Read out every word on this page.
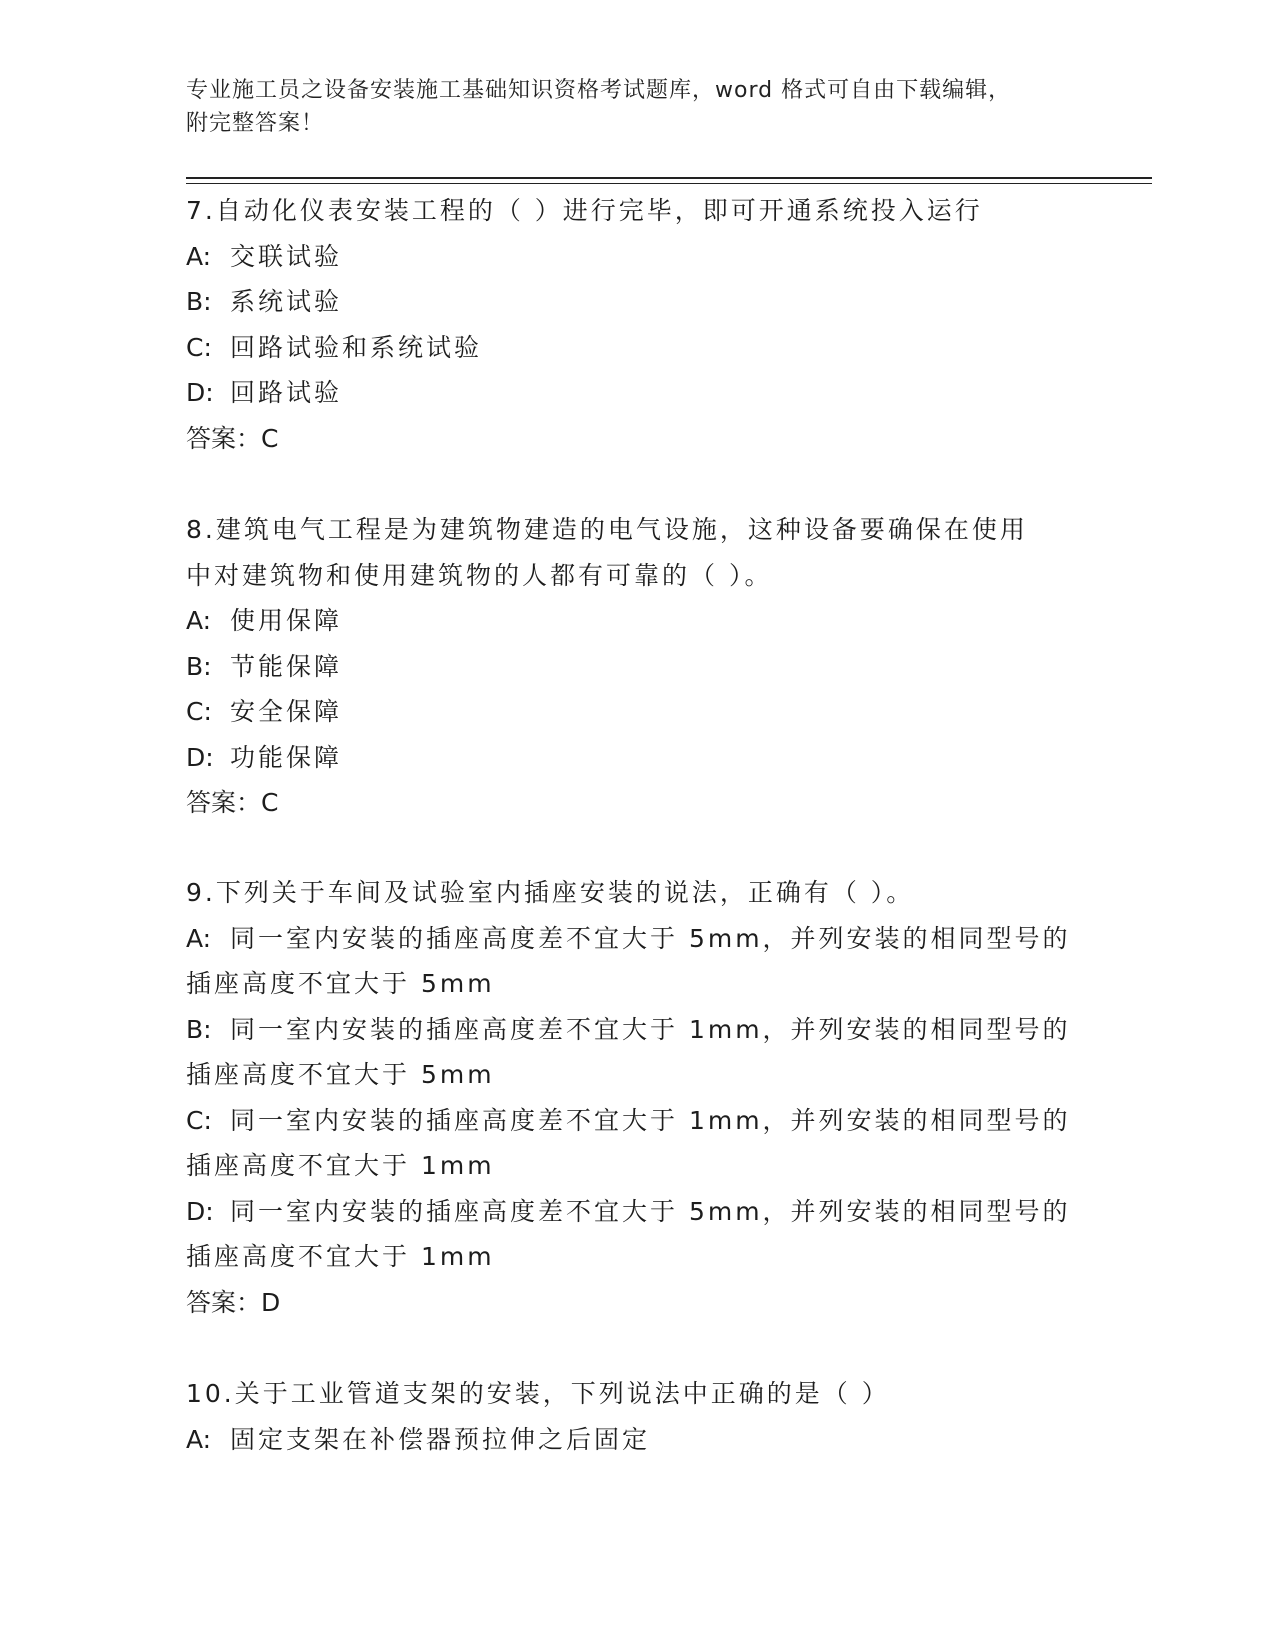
专业施工员之设备安装施工基础知识资格考试题库，word 格式可自由下载编辑，
附完整答案！
7.自动化仪表安装工程的（ ）进行完毕，即可开通系统投入运行
A: 交联试验
B: 系统试验
C: 回路试验和系统试验
D: 回路试验
答案：C
8.建筑电气工程是为建筑物建造的电气设施，这种设备要确保在使用
中对建筑物和使用建筑物的人都有可靠的（ ）。
A: 使用保障
B: 节能保障
C: 安全保障
D: 功能保障
答案：C
9.下列关于车间及试验室内插座安装的说法，正确有（ ）。
A: 同一室内安装的插座高度差不宜大于 5mm，并列安装的相同型号的
插座高度不宜大于 5mm
B: 同一室内安装的插座高度差不宜大于 1mm，并列安装的相同型号的
插座高度不宜大于 5mm
C: 同一室内安装的插座高度差不宜大于 1mm，并列安装的相同型号的
插座高度不宜大于 1mm
D: 同一室内安装的插座高度差不宜大于 5mm，并列安装的相同型号的
插座高度不宜大于 1mm
答案：D
10.关于工业管道支架的安装，下列说法中正确的是（ ）
A: 固定支架在补偿器预拉伸之后固定
